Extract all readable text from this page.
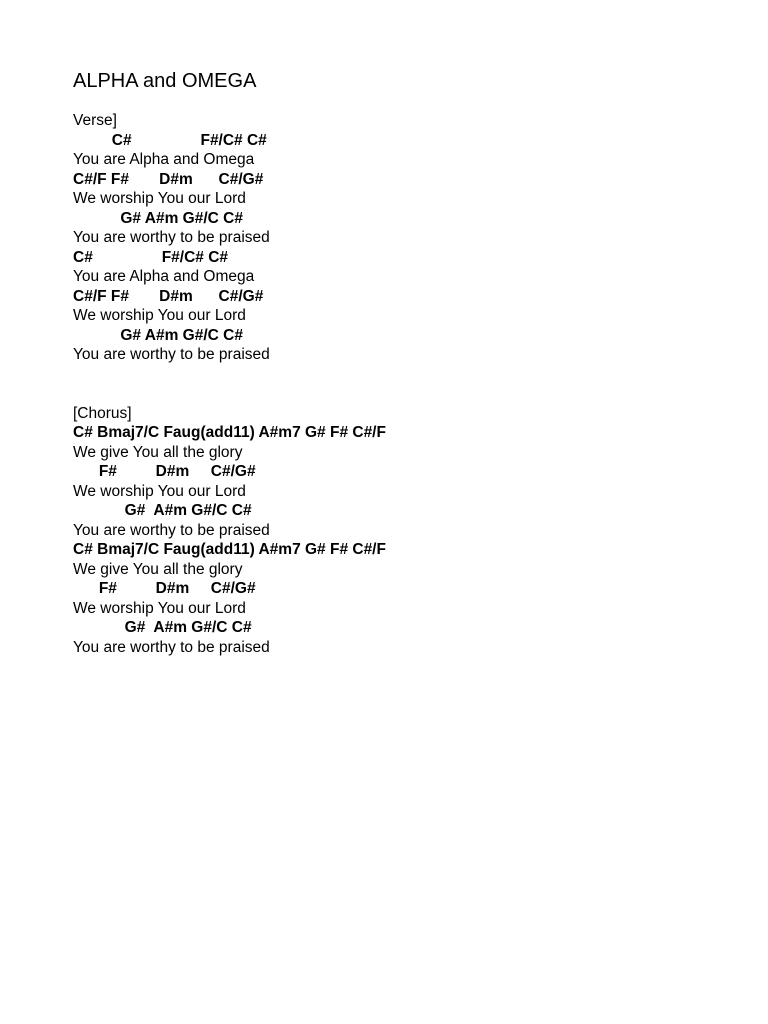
ALPHA and OMEGA
Verse]
C#                F#/C# C#
You are Alpha and Omega
C#/F F#       D#m      C#/G#
We worship You our Lord
G# A#m G#/C C#
You are worthy to be praised
C#                F#/C# C#
You are Alpha and Omega
C#/F F#       D#m      C#/G#
We worship You our Lord
G# A#m G#/C C#
You are worthy to be praised
[Chorus]
C# Bmaj7/C Faug(add11) A#m7 G# F# C#/F
We give You all the glory
F#         D#m     C#/G#
We worship You our Lord
G#  A#m G#/C C#
You are worthy to be praised
C# Bmaj7/C Faug(add11) A#m7 G# F# C#/F
We give You all the glory
F#         D#m     C#/G#
We worship You our Lord
G#  A#m G#/C C#
You are worthy to be praised
